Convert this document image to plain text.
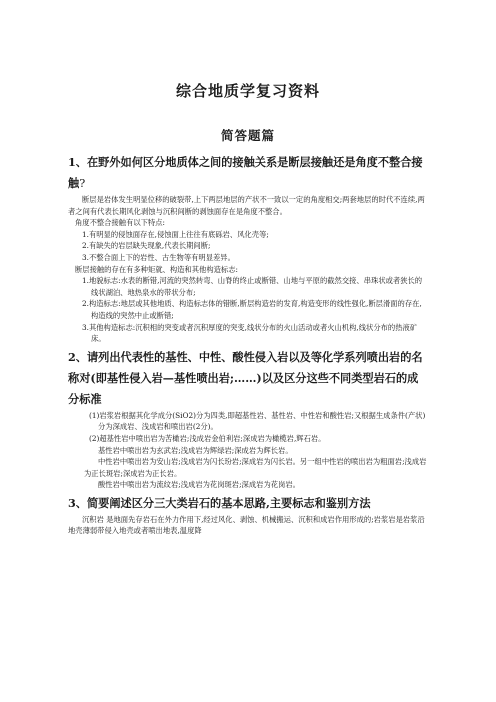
综合地质学复习资料
简答题篇

1、在野外如何区分地质体之间的接触关系是断层接触还是角度不整合接触?

断层是岩体发生明显位移的破裂带,上下两层地层的产状不一致以一定的角度相交;两套地层的时代不连续,两者之间有代表长期风化剥蚀与沉积间断的剥蚀面存在是角度不整合。

角度不整合接触有以下特点:

1.有明显的侵蚀面存在,侵蚀面上往往有底砾岩、风化壳等;

2.有缺失的岩层缺失现象,代表长期间断;

3.不整合面上下的岩性、古生物等有明显差异。

断层接触的存在有多种矩就、构造和其他构造标志:

1.地貌标志:水表的断错,河流的突然转弯、山脊的终止或断错、山地与平原的截然交接、串珠状或者狭长的线状湖泊、地热泉水的带状分布;

2.构造标志:地层或其他地质、构造标志体的错断,断层构造岩的发育,构造变形的线性强化,断层滑面的存在,构造线的突然中止或断错;

3.其他构造标志:沉积相的突变或者沉积厚度的突变,线状分布的火山活动或者火山机构,线状分布的热液矿床。

2、请列出代表性的基性、中性、酸性侵入岩以及等化学系列喷出岩的名称对(即基性侵入岩—基性喷出岩;……)以及区分这些不同类型岩石的成分标准

(1)岩浆岩根据其化学成分(SiO2)分为四类,即超基性岩、基性岩、中性岩和酸性岩;又根据生成条件(产状)分为深成岩、浅成岩和喷出岩(2分)。

(2)超基性岩中喷出岩为苦橄岩;浅成岩金伯利岩;深成岩为橄榄岩,辉石岩。

基性岩中喷出岩为玄武岩;浅成岩为辉绿岩;深成岩为辉长岩。

中性岩中喷出岩为安山岩;浅成岩为闪长玢岩;深成岩为闪长岩。另一组中性岩的喷出岩为粗面岩;浅成岩为正长斑岩;深成岩为正长岩。

酸性岩中喷出岩为流纹岩;浅成岩为花岗斑岩;深成岩为花岗岩。

3、简要阐述区分三大类岩石的基本思路,主要标志和鉴别方法

沉积岩 是地面先存岩石在外力作用下,经过风化、剥蚀、机械搬运、沉积和成岩作用形成的;岩浆岩是岩浆沿地壳薄弱带侵入地壳或者喷出地表,温度降
